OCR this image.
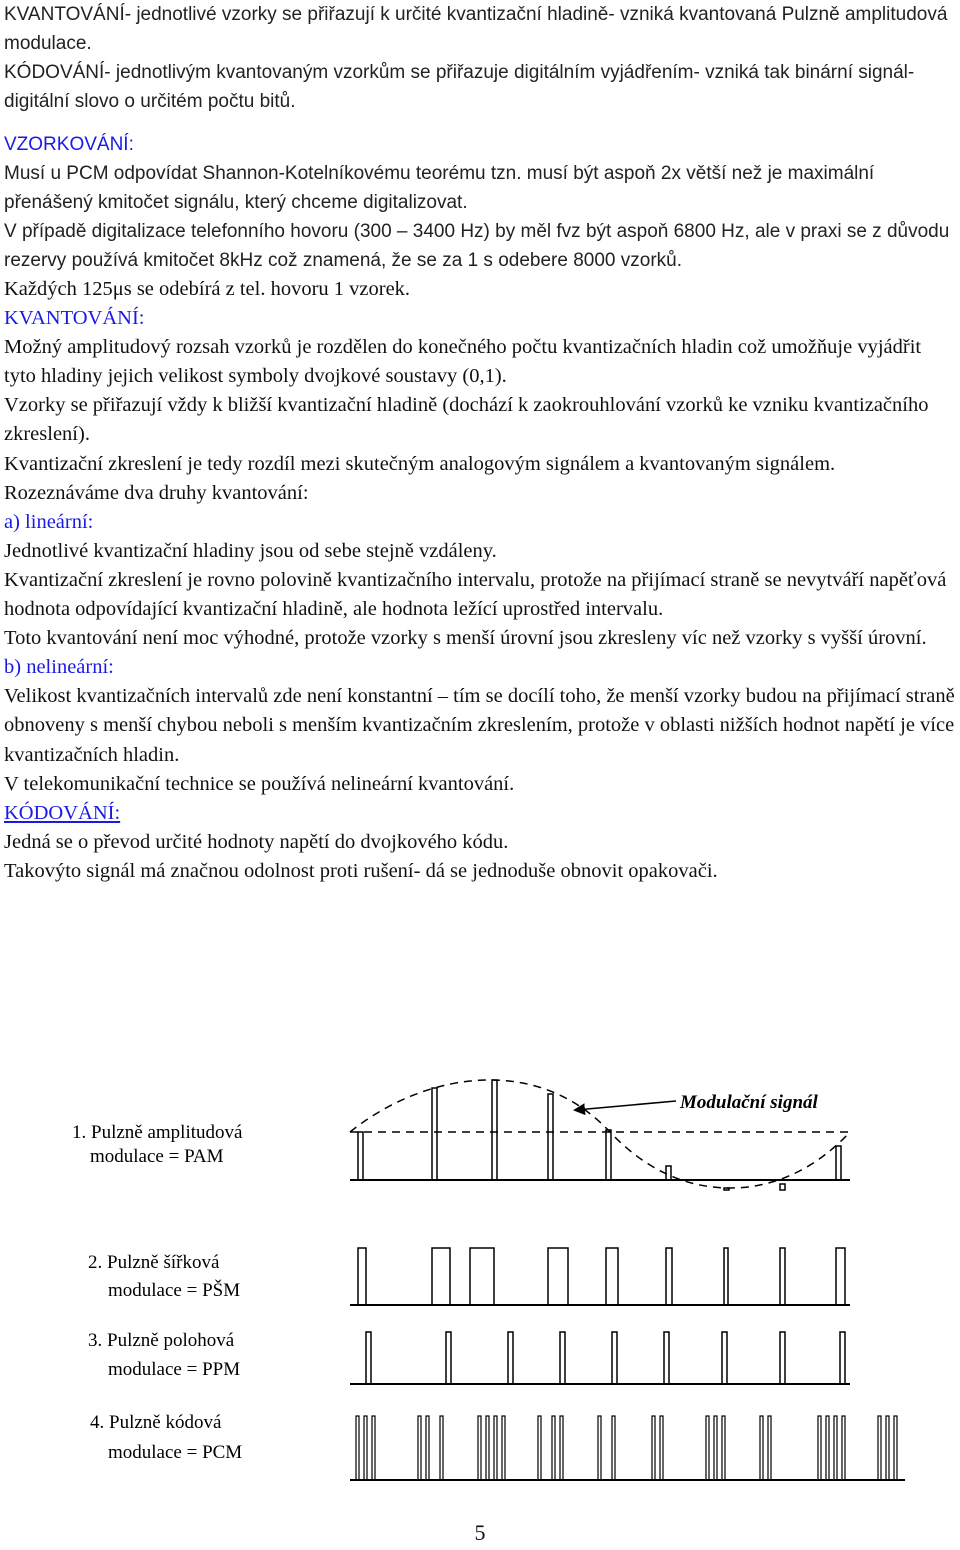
KVANTOVÁNÍ- jednotlivé vzorky se přiřazují k určité kvantizační hladině- vzniká kvantovaná Pulzně amplitudová modulace.

KÓDOVÁNÍ- jednotlivým kvantovaným vzorkům se přiřazuje digitálním vyjádřením- vzniká tak binární signál- digitální slovo o určitém počtu bitů.

VZORKOVÁNÍ:

Musí u PCM odpovídat Shannon-Kotelníkovému teorému tzn. musí být aspoň 2x větší než je maximální přenášený kmitočet signálu, který chceme digitalizovat.

V případě digitalizace telefonního hovoru (300 – 3400 Hz) by měl fvz být aspoň 6800 Hz, ale v praxi se z důvodu rezervy používá kmitočet 8kHz což znamená, že se za 1 s odebere 8000 vzorků.

Každých 125μs se odebírá z tel. hovoru 1 vzorek.

KVANTOVÁNÍ:

Možný amplitudový rozsah vzorků je rozdělen do konečného počtu kvantizačních hladin což umožňuje vyjádřit tyto hladiny jejich velikost symboly dvojkové soustavy (0,1).

Vzorky se přiřazují vždy k bližší kvantizační hladině (dochází k zaokrouhlování vzorků ke vzniku kvantizačního zkreslení).

Kvantizační zkreslení je tedy rozdíl mezi skutečným analogovým signálem a kvantovaným signálem.

Rozeznáváme dva druhy kvantování:

a) lineární:

Jednotlivé kvantizační hladiny jsou od sebe stejně vzdáleny.

Kvantizační zkreslení je rovno polovině kvantizačního intervalu, protože na přijímací straně se nevytváří napěťová hodnota odpovídající kvantizační hladině, ale hodnota ležící uprostřed intervalu.

Toto kvantování není moc výhodné, protože vzorky s menší úrovní jsou zkresleny víc než vzorky s vyšší úrovní.

b) nelineární:

Velikost kvantizačních intervalů zde není konstantní – tím se docílí toho, že menší vzorky budou na přijímací straně obnoveny s menší chybou neboli s menším kvantizačním zkreslením, protože v oblasti nižších hodnot napětí je více kvantizačních hladin.

V telekomunikační technice se používá nelineární kvantování.

KÓDOVÁNÍ:

Jedná se o převod určité hodnoty napětí do dvojkového kódu.

Takovýto signál má značnou odolnost proti rušení- dá se jednoduše obnovit opakovači.

1. Pulzně amplitudová
modulace = PAM
2. Pulzně šířková
modulace = PŠM
3. Pulzně polohová
modulace = PPM
4. Pulzně kódová
modulace = PCM
Modulační signál
5
